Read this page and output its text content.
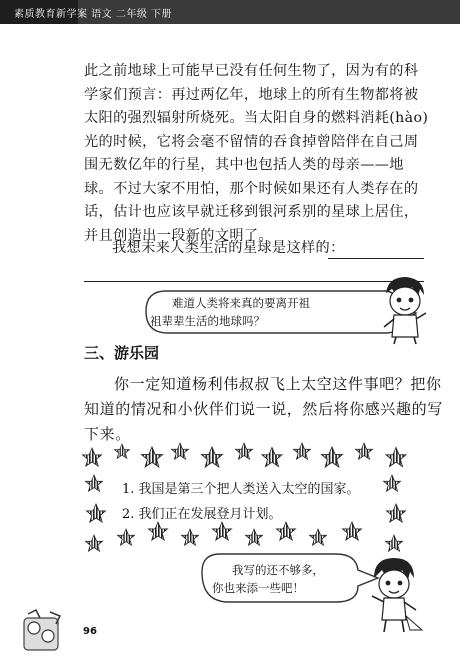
素质教育新学案 语文 二年级 下册
此之前地球上可能早已没有任何生物了，因为有的科
学家们预言：再过两亿年，地球上的所有生物都将被
太阳的强烈辐射所烧死。当太阳自身的燃料消耗(hào)
光的时候，它将会毫不留情的吞食掉曾陪伴在自己周
围无数亿年的行星，其中也包括人类的母亲——地
球。不过大家不用怕，那个时候如果还有人类存在的
话，估计也应该早就迁移到银河系别的星球上居住，
并且创造出一段新的文明了。
我想未来人类生活的星球是这样的：
难道人类将来真的要离开祖
祖辈辈生活的地球吗？
三、游乐园
你一定知道杨利伟叔叔飞上太空这件事吧？把你
知道的情况和小伙伴们说一说，然后将你感兴趣的写
下来。
1. 我国是第三个把人类送入太空的国家。
2. 我们正在发展登月计划。
我写的还不够多，
你也来添一些吧！
96
